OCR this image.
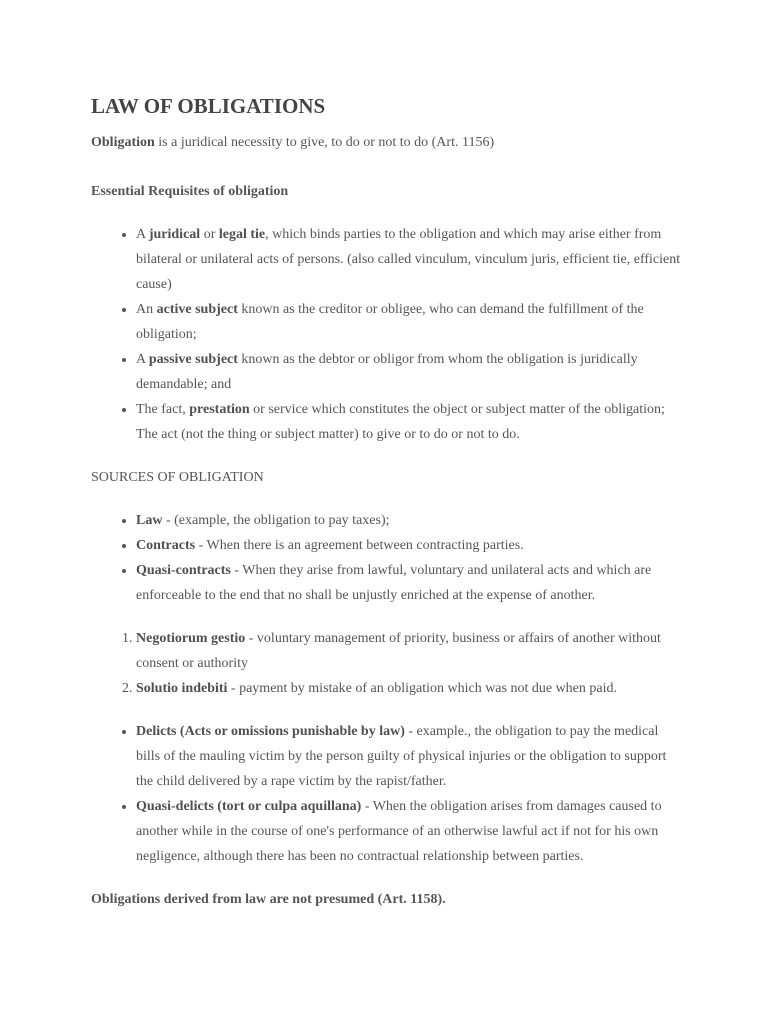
LAW OF OBLIGATIONS

Obligation is a juridical necessity to give, to do or not to do (Art. 1156)

Essential Requisites of obligation

• A juridical or legal tie, which binds parties to the obligation and which may arise either from bilateral or unilateral acts of persons. (also called vinculum, vinculum juris, efficient tie, efficient cause)
• An active subject known as the creditor or obligee, who can demand the fulfillment of the obligation;
• A passive subject known as the debtor or obligor from whom the obligation is juridically demandable; and
• The fact, prestation or service which constitutes the object or subject matter of the obligation; The act (not the thing or subject matter) to give or to do or not to do.

SOURCES OF OBLIGATION

• Law - (example, the obligation to pay taxes);
• Contracts - When there is an agreement between contracting parties.
• Quasi-contracts - When they arise from lawful, voluntary and unilateral acts and which are enforceable to the end that no shall be unjustly enriched at the expense of another.
1. Negotiorum gestio - voluntary management of priority, business or affairs of another without consent or authority
2. Solutio indebiti - payment by mistake of an obligation which was not due when paid.
• Delicts (Acts or omissions punishable by law) - example., the obligation to pay the medical bills of the mauling victim by the person guilty of physical injuries or the obligation to support the child delivered by a rape victim by the rapist/father.
• Quasi-delicts (tort or culpa aquillana) - When the obligation arises from damages caused to another while in the course of one's performance of an otherwise lawful act if not for his own negligence, although there has been no contractual relationship between parties.

Obligations derived from law are not presumed (Art. 1158).
